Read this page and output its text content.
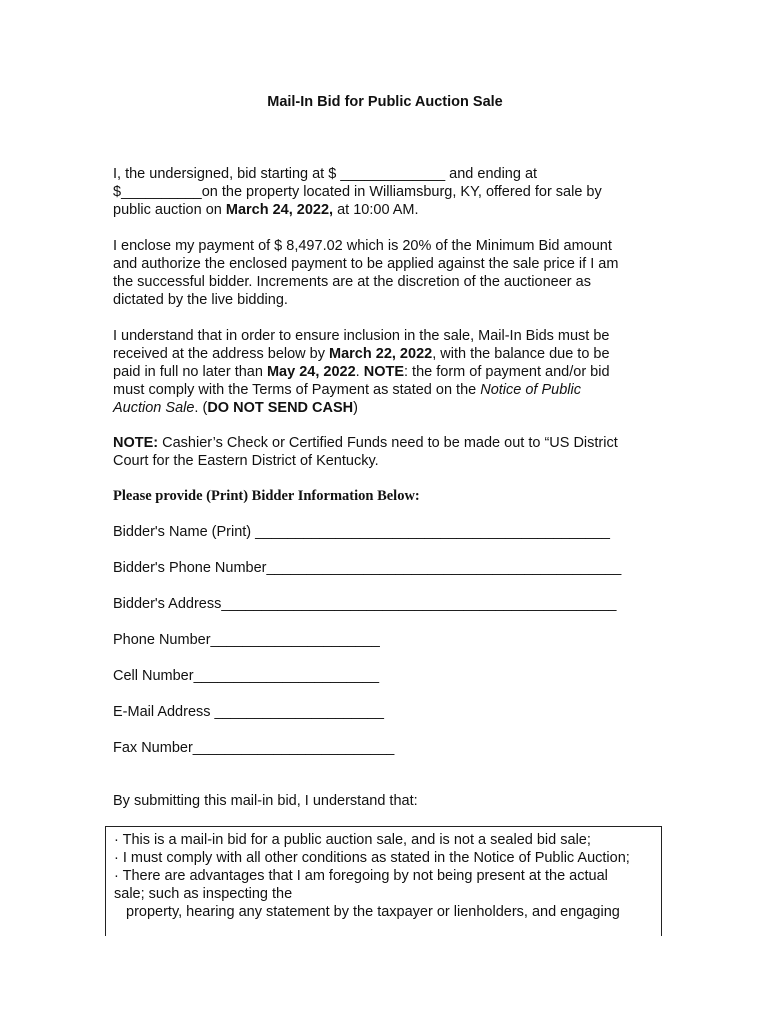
Mail-In Bid for Public Auction Sale
I, the undersigned, bid starting at $ _____________ and ending at
$__________on the property located in Williamsburg, KY, offered for sale by
public auction on March 24, 2022, at 10:00 AM.
I enclose my payment of $ 8,497.02 which is 20% of the Minimum Bid amount
and authorize the enclosed payment to be applied against the sale price if I am
the successful bidder. Increments are at the discretion of the auctioneer as
dictated by the live bidding.
I understand that in order to ensure inclusion in the sale, Mail-In Bids must be
received at the address below by March 22, 2022, with the balance due to be
paid in full no later than May 24, 2022. NOTE: the form of payment and/or bid
must comply with the Terms of Payment as stated on the Notice of Public
Auction Sale. (DO NOT SEND CASH)
NOTE: Cashier’s Check or Certified Funds need to be made out to “US District
Court for the Eastern District of Kentucky.
Please provide (Print) Bidder Information Below:
Bidder's Name (Print) ____________________________________________
Bidder's Phone Number____________________________________________
Bidder's Address_________________________________________________
Phone Number_____________________
Cell Number_______________________
E-Mail Address _____________________
Fax Number_________________________
By submitting this mail-in bid, I understand that:
· This is a mail-in bid for a public auction sale, and is not a sealed bid sale;
· I must comply with all other conditions as stated in the Notice of Public Auction;
· There are advantages that I am foregoing by not being present at the actual
sale; such as inspecting the
property, hearing any statement by the taxpayer or lienholders, and engaging
